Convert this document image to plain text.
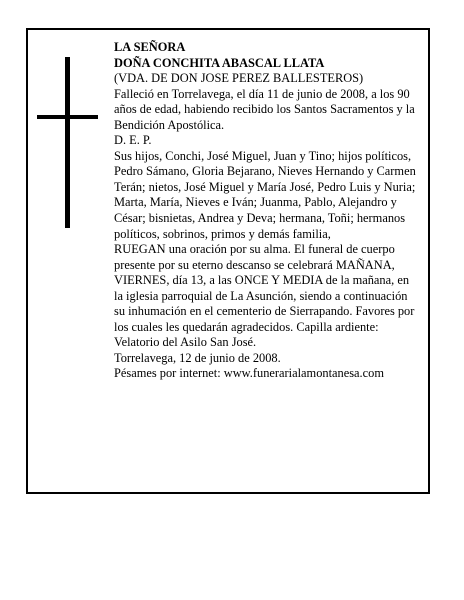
LA SEÑORA

DOÑA CONCHITA ABASCAL LLATA

(VDA. DE DON JOSE PEREZ BALLESTEROS)

Falleció en Torrelavega, el día 11 de junio de 2008, a los 90 años de edad, habiendo recibido los Santos Sacramentos y la Bendición Apostólica.

D. E. P.

Sus hijos, Conchi, José Miguel, Juan y Tino; hijos políticos, Pedro Sámano, Gloria Bejarano, Nieves Hernando y Carmen Terán; nietos, José Miguel y María José, Pedro Luis y Nuria; Marta, María, Nieves e Iván; Juanma, Pablo, Alejandro y César; bisnietas, Andrea y Deva; hermana, Toñi; hermanos políticos, sobrinos, primos y demás familia,

RUEGAN una oración por su alma. El funeral de cuerpo presente por su eterno descanso se celebrará MAÑANA, VIERNES, día 13, a las ONCE Y MEDIA de la mañana, en la iglesia parroquial de La Asunción, siendo a continuación su inhumación en el cementerio de Sierrapando. Favores por los cuales les quedarán agradecidos. Capilla ardiente: Velatorio del Asilo San José.

Torrelavega, 12 de junio de 2008.

Pésames por internet: www.funerarialamontanesa.com
